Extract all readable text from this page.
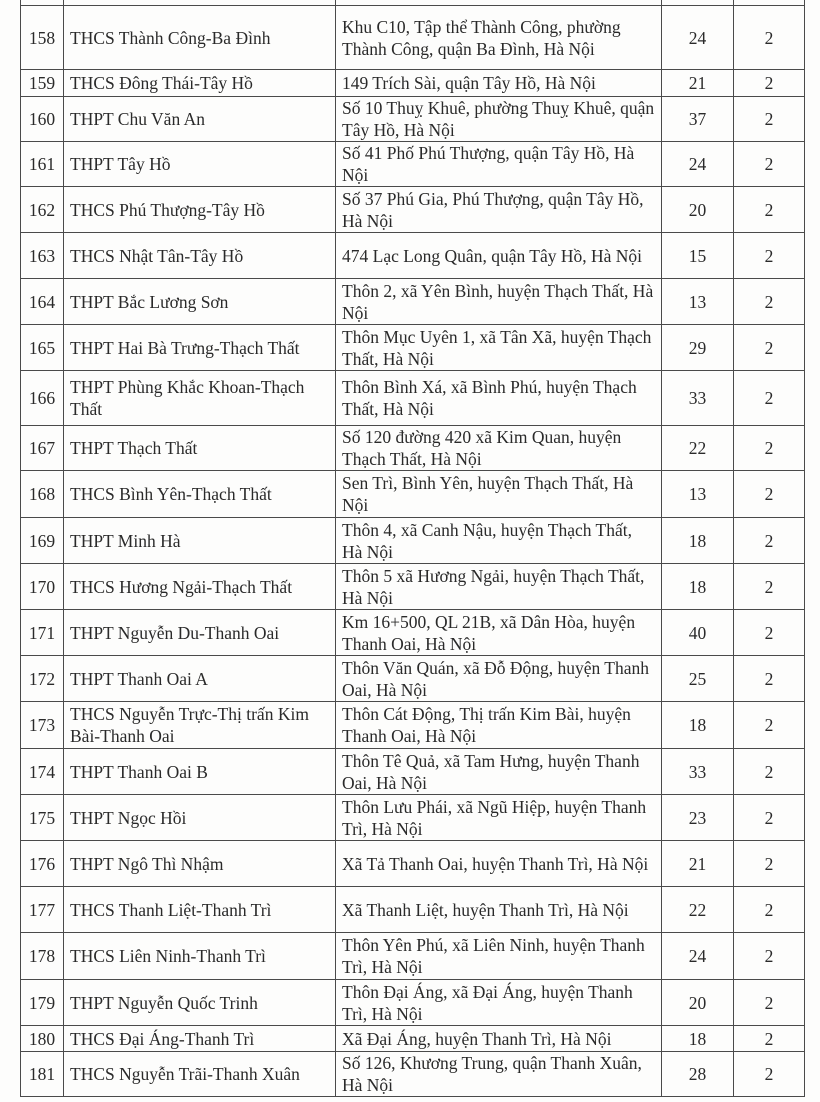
158	THCS Thành Công-Ba Đình	Khu C10, Tập thể Thành Công, phường Thành Công, quận Ba Đình, Hà Nội	24	2
159	THCS Đông Thái-Tây Hồ	149 Trích Sài, quận Tây Hồ, Hà Nội	21	2
160	THPT Chu Văn An	Số 10 Thuỵ Khuê, phường Thuỵ Khuê, quận Tây Hồ, Hà Nội	37	2
161	THPT Tây Hồ	Số 41 Phố Phú Thượng, quận Tây Hồ, Hà Nội	24	2
162	THCS Phú Thượng-Tây Hồ	Số 37 Phú Gia, Phú Thượng, quận Tây Hồ, Hà Nội	20	2
163	THCS Nhật Tân-Tây Hồ	474 Lạc Long Quân, quận Tây Hồ, Hà Nội	15	2
164	THPT Bắc Lương Sơn	Thôn 2, xã Yên Bình, huyện Thạch Thất, Hà Nội	13	2
165	THPT Hai Bà Trưng-Thạch Thất	Thôn Mục Uyên 1, xã Tân Xã, huyện Thạch Thất, Hà Nội	29	2
166	THPT Phùng Khắc Khoan-Thạch Thất	Thôn Bình Xá, xã Bình Phú, huyện Thạch Thất, Hà Nội	33	2
167	THPT Thạch Thất	Số 120 đường 420 xã Kim Quan, huyện Thạch Thất, Hà Nội	22	2
168	THCS Bình Yên-Thạch Thất	Sen Trì, Bình Yên, huyện Thạch Thất, Hà Nội	13	2
169	THPT Minh Hà	Thôn 4, xã Canh Nậu, huyện Thạch Thất, Hà Nội	18	2
170	THCS Hương Ngải-Thạch Thất	Thôn 5 xã Hương Ngải, huyện Thạch Thất, Hà Nội	18	2
171	THPT Nguyễn Du-Thanh Oai	Km 16+500, QL 21B, xã Dân Hòa, huyện Thanh Oai, Hà Nội	40	2
172	THPT Thanh Oai A	Thôn Văn Quán, xã Đỗ Động, huyện Thanh Oai, Hà Nội	25	2
173	THCS Nguyễn Trực-Thị trấn Kim Bài-Thanh Oai	Thôn Cát Động, Thị trấn Kim Bài, huyện Thanh Oai, Hà Nội	18	2
174	THPT Thanh Oai B	Thôn Tê Quả, xã Tam Hưng, huyện Thanh Oai, Hà Nội	33	2
175	THPT Ngọc Hồi	Thôn Lưu Phái, xã Ngũ Hiệp, huyện Thanh Trì, Hà Nội	23	2
176	THPT Ngô Thì Nhậm	Xã Tả Thanh Oai, huyện Thanh Trì, Hà Nội	21	2
177	THCS Thanh Liệt-Thanh Trì	Xã Thanh Liệt, huyện Thanh Trì, Hà Nội	22	2
178	THCS Liên Ninh-Thanh Trì	Thôn Yên Phú, xã Liên Ninh, huyện Thanh Trì, Hà Nội	24	2
179	THPT Nguyễn Quốc Trinh	Thôn Đại Áng, xã Đại Áng, huyện Thanh Trì, Hà Nội	20	2
180	THCS Đại Áng-Thanh Trì	Xã Đại Áng, huyện Thanh Trì, Hà Nội	18	2
181	THCS Nguyễn Trãi-Thanh Xuân	Số 126, Khương Trung, quận Thanh Xuân, Hà Nội	28	2
